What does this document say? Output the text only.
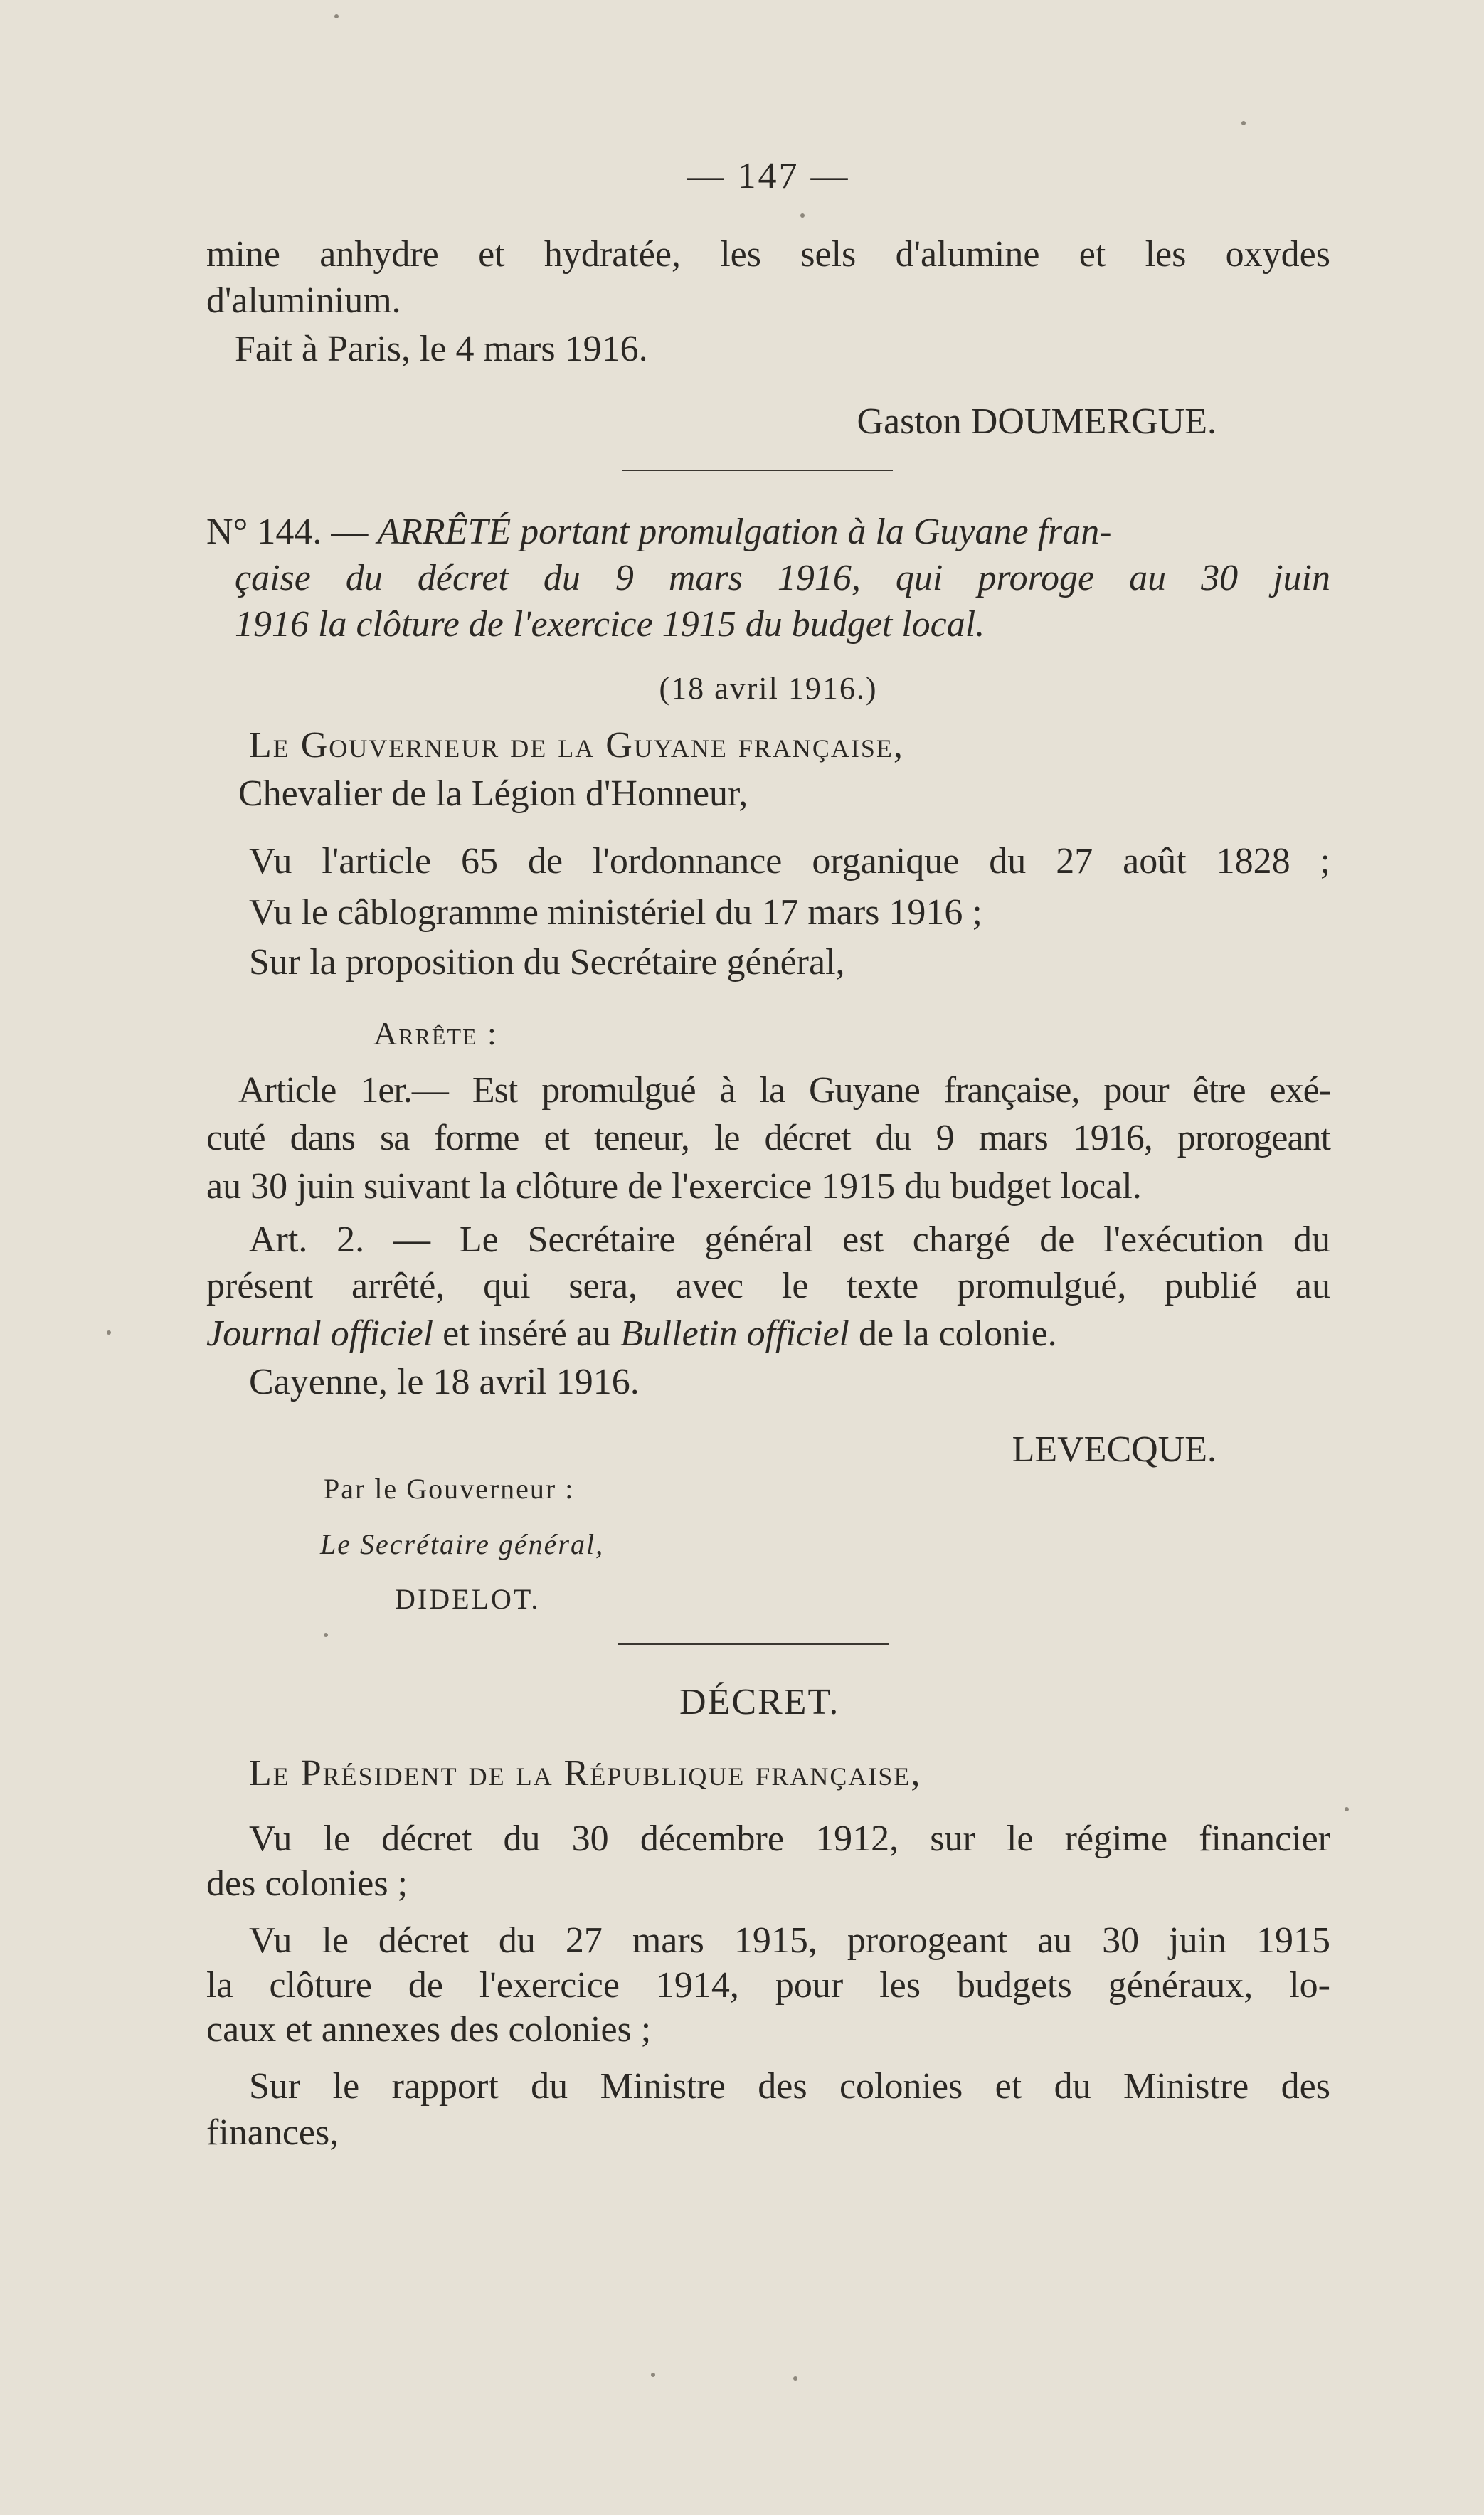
— 147 —
mine anhydre et hydratée, les sels d'alumine et les oxydes
d'aluminium.
Fait à Paris, le 4 mars 1916.
Gaston DOUMERGUE.
N° 144. — ARRÊTÉ portant promulgation à la Guyane fran-
çaise du décret du 9 mars 1916, qui proroge au 30 juin
1916 la clôture de l'exercice 1915 du budget local.
(18 avril 1916.)
Le Gouverneur de la Guyane française,
Chevalier de la Légion d'Honneur,
Vu l'article 65 de l'ordonnance organique du 27 août 1828 ;
Vu le câblogramme ministériel du 17 mars 1916 ;
Sur la proposition du Secrétaire général,
Arrête :
Article 1er.— Est promulgué à la Guyane française, pour être exé-
cuté dans sa forme et teneur, le décret du 9 mars 1916, prorogeant
au 30 juin suivant la clôture de l'exercice 1915 du budget local.
Art. 2. — Le Secrétaire général est chargé de l'exécution du
présent arrêté, qui sera, avec le texte promulgué, publié au
Journal officiel et inséré au Bulletin officiel de la colonie.
Cayenne, le 18 avril 1916.
LEVECQUE.
Par le Gouverneur :
Le Secrétaire général,
DIDELOT.
DÉCRET.
Le Président de la République française,
Vu le décret du 30 décembre 1912, sur le régime financier
des colonies ;
Vu le décret du 27 mars 1915, prorogeant au 30 juin 1915
la clôture de l'exercice 1914, pour les budgets généraux, lo-
caux et annexes des colonies ;
Sur le rapport du Ministre des colonies et du Ministre des
finances,
